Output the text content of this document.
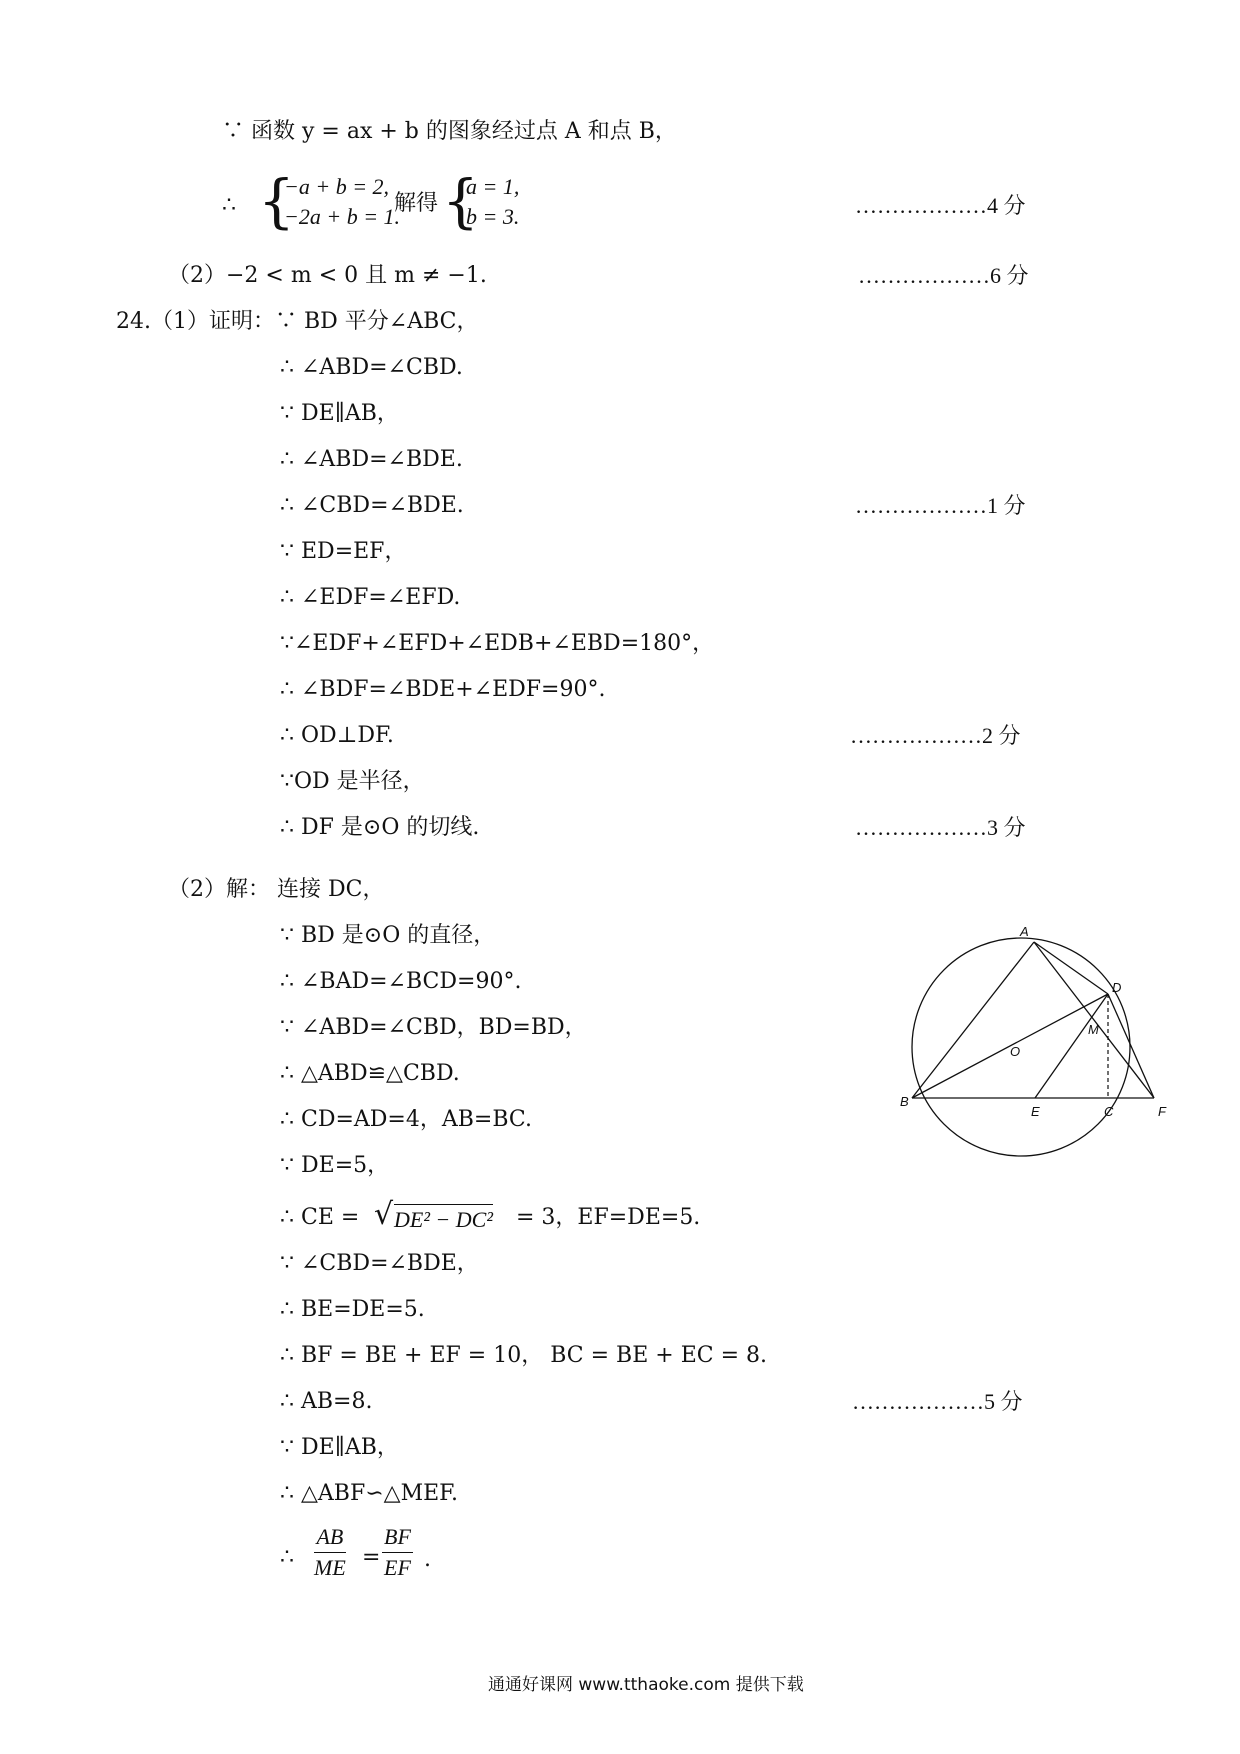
∵ 函数 y = ax + b 的图象经过点 A 和点 B，
∴ {
−a + b = 2,
−2a + b = 1.
解得 {
a = 1,
b = 3.	………………4 分
（2）−2 < m < 0 且 m ≠ −1.	………………6 分
24.（1）证明：∵ BD 平分∠ABC，
∴ ∠ABD=∠CBD.
∵ DE∥AB，
∴ ∠ABD=∠BDE.
∴ ∠CBD=∠BDE.	………………1 分
∵ ED=EF，
∴ ∠EDF=∠EFD.
∵∠EDF+∠EFD+∠EDB+∠EBD=180°，
∴ ∠BDF=∠BDE+∠EDF=90°.
∴ OD⊥DF.	………………2 分
∵OD 是半径，
∴ DF 是⊙O 的切线.	………………3 分
（2）解： 连接 DC，
∵ BD 是⊙O 的直径，
∴ ∠BAD=∠BCD=90°.
∵ ∠ABD=∠CBD，BD=BD，
∴ △ABD≌△CBD.
∴ CD=AD=4，AB=BC.
∵ DE=5，
∴ CE = √ DE² − DC² = 3，EF=DE=5.
∵ ∠CBD=∠BDE，
∴ BE=DE=5.
∴ BF = BE + EF = 10， BC = BE + EC = 8.
∴ AB=8.	………………5 分
∵ DE∥AB，
∴ △ABF∽△MEF.
∴ $\frac{AB}{ME} = \frac{BF}{EF}$ .
A
B
C
D
E	F
M
O
通通好课网 www.tthaoke.com 提供下载
